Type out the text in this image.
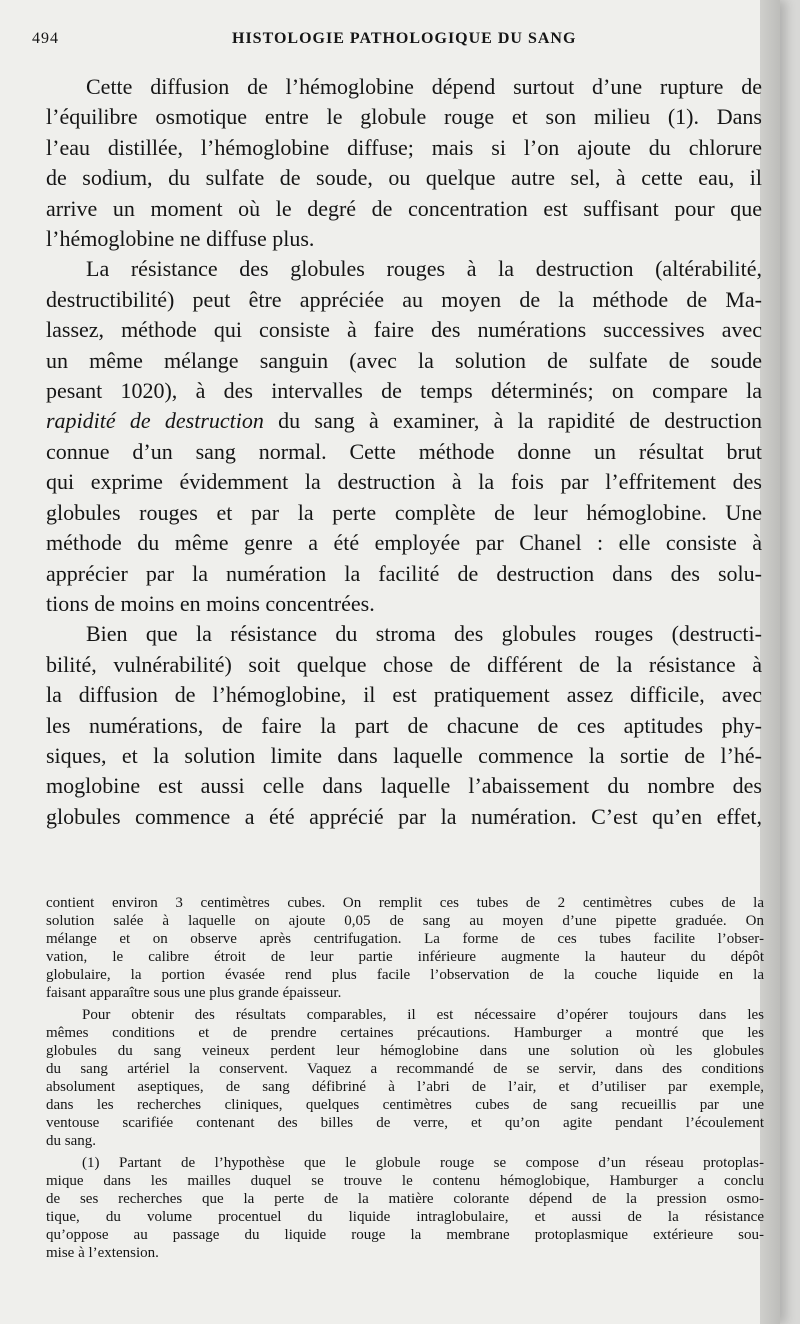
494	HISTOLOGIE PATHOLOGIQUE DU SANG
Cette diffusion de l’hémoglobine dépend surtout d’une rupture de
l’équilibre osmotique entre le globule rouge et son milieu (1). Dans
l’eau distillée, l’hémoglobine diffuse; mais si l’on ajoute du chlorure
de sodium, du sulfate de soude, ou quelque autre sel, à cette eau, il
arrive un moment où le degré de concentration est suffisant pour que
l’hémoglobine ne diffuse plus.
La résistance des globules rouges à la destruction (altérabilité,
destructibilité) peut être appréciée au moyen de la méthode de Ma-
lassez, méthode qui consiste à faire des numérations successives avec
un même mélange sanguin (avec la solution de sulfate de soude
pesant 1020), à des intervalles de temps déterminés; on compare la
rapidité de destruction du sang à examiner, à la rapidité de destruction
connue d’un sang normal. Cette méthode donne un résultat brut
qui exprime évidemment la destruction à la fois par l’effritement des
globules rouges et par la perte complète de leur hémoglobine. Une
méthode du même genre a été employée par Chanel : elle consiste à
apprécier par la numération la facilité de destruction dans des solu-
tions de moins en moins concentrées.
Bien que la résistance du stroma des globules rouges (destructi-
bilité, vulnérabilité) soit quelque chose de différent de la résistance à
la diffusion de l’hémoglobine, il est pratiquement assez difficile, avec
les numérations, de faire la part de chacune de ces aptitudes phy-
siques, et la solution limite dans laquelle commence la sortie de l’hé-
moglobine est aussi celle dans laquelle l’abaissement du nombre des
globules commence a été apprécié par la numération. C’est qu’en effet,
contient environ 3 centimètres cubes. On remplit ces tubes de 2 centimètres cubes de la
solution salée à laquelle on ajoute 0,05 de sang au moyen d’une pipette graduée. On
mélange et on observe après centrifugation. La forme de ces tubes facilite l’obser-
vation, le calibre étroit de leur partie inférieure augmente la hauteur du dépôt
globulaire, la portion évasée rend plus facile l’observation de la couche liquide en la
faisant apparaître sous une plus grande épaisseur.
Pour obtenir des résultats comparables, il est nécessaire d’opérer toujours dans les
mêmes conditions et de prendre certaines précautions. Hamburger a montré que les
globules du sang veineux perdent leur hémoglobine dans une solution où les globules
du sang artériel la conservent. Vaquez a recommandé de se servir, dans des conditions
absolument aseptiques, de sang défibriné à l’abri de l’air, et d’utiliser par exemple,
dans les recherches cliniques, quelques centimètres cubes de sang recueillis par une
ventouse scarifiée contenant des billes de verre, et qu’on agite pendant l’écoulement
du sang.
(1) Partant de l’hypothèse que le globule rouge se compose d’un réseau protoplas-
mique dans les mailles duquel se trouve le contenu hémoglobique, Hamburger a conclu
de ses recherches que la perte de la matière colorante dépend de la pression osmo-
tique, du volume procentuel du liquide intraglobulaire, et aussi de la résistance
qu’oppose au passage du liquide rouge la membrane protoplasmique extérieure sou-
mise à l’extension.
